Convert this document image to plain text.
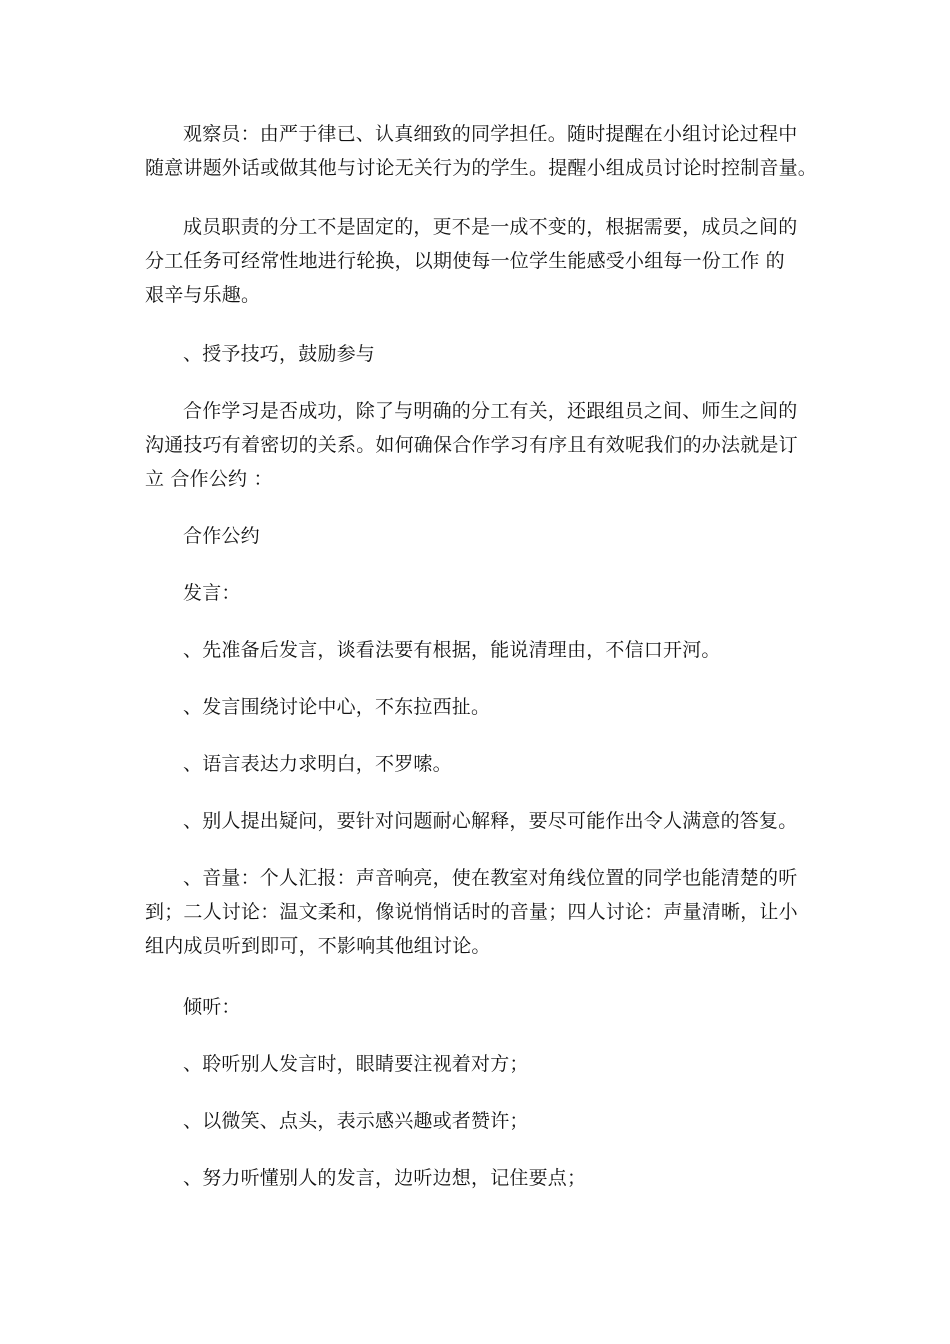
观察员：由严于律已、认真细致的同学担任。随时提醒在小组讨论过程中
随意讲题外话或做其他与讨论无关行为的学生。提醒小组成员讨论时控制音量。
成员职责的分工不是固定的，更不是一成不变的，根据需要，成员之间的
分工任务可经常性地进行轮换，以期使每一位学生能感受小组每一份工作 的
艰辛与乐趣。
、授予技巧，鼓励参与
合作学习是否成功，除了与明确的分工有关，还跟组员之间、师生之间的
沟通技巧有着密切的关系。如何确保合作学习有序且有效呢我们的办法就是订
立 合作公约 ：
合作公约
发言：
、先准备后发言，谈看法要有根据，能说清理由，不信口开河。
、发言围绕讨论中心，不东拉西扯。
、语言表达力求明白，不罗嗦。
、别人提出疑问，要针对问题耐心解释，要尽可能作出令人满意的答复。
、音量：个人汇报：声音响亮，使在教室对角线位置的同学也能清楚的听
到；二人讨论：温文柔和，像说悄悄话时的音量；四人讨论：声量清晰，让小
组内成员听到即可，不影响其他组讨论。
倾听：
、聆听别人发言时，眼睛要注视着对方；
、以微笑、点头，表示感兴趣或者赞许；
、努力听懂别人的发言，边听边想，记住要点；
